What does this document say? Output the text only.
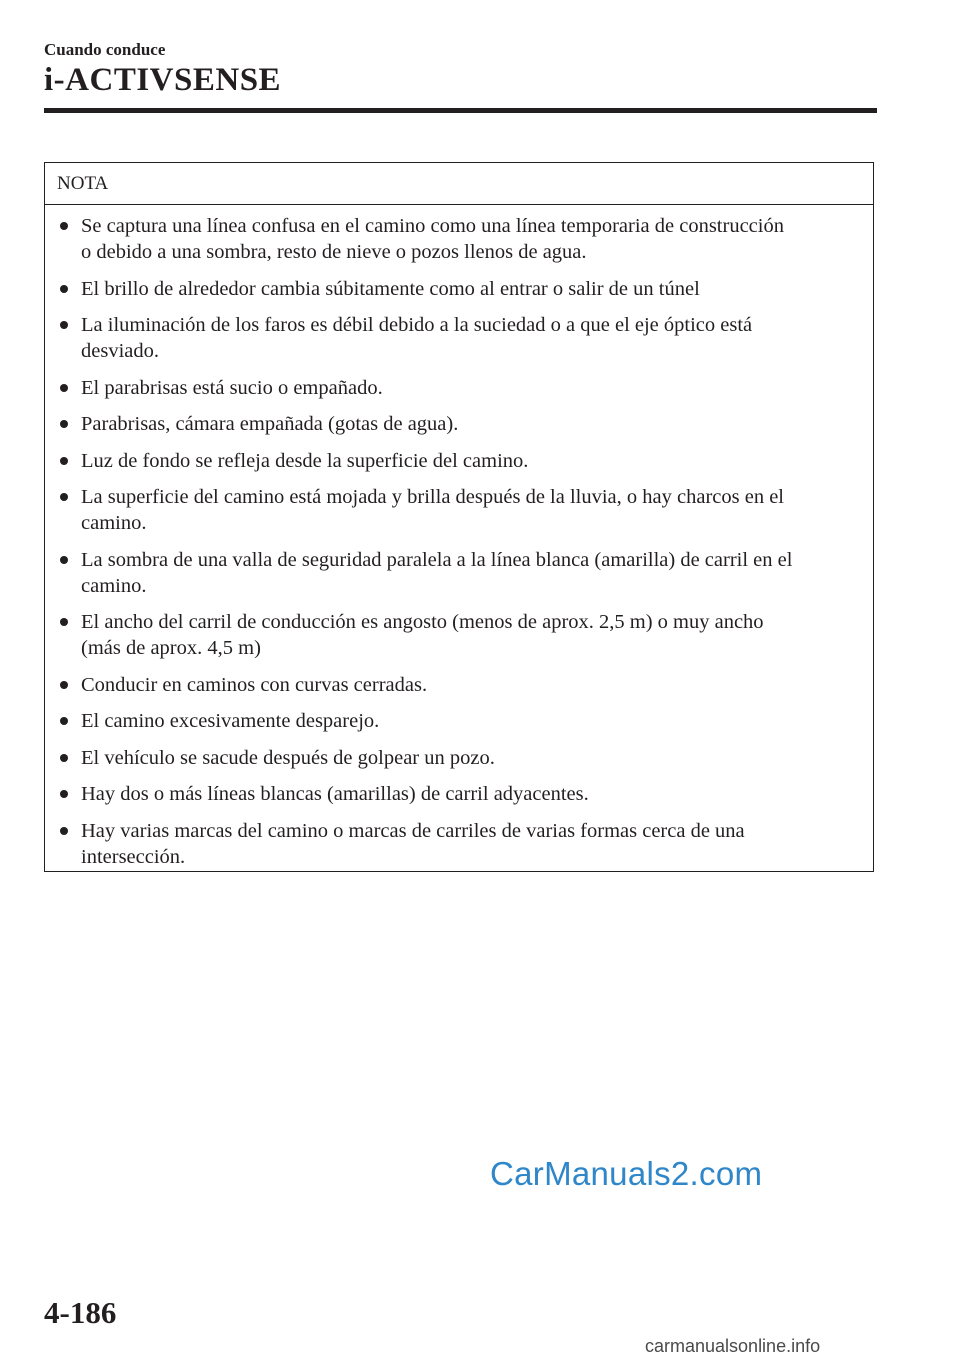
Cuando conduce
i-ACTIVSENSE
NOTA
Se captura una línea confusa en el camino como una línea temporaria de construcción
o debido a una sombra, resto de nieve o pozos llenos de agua.
El brillo de alrededor cambia súbitamente como al entrar o salir de un túnel
La iluminación de los faros es débil debido a la suciedad o a que el eje óptico está
desviado.
El parabrisas está sucio o empañado.
Parabrisas, cámara empañada (gotas de agua).
Luz de fondo se refleja desde la superficie del camino.
La superficie del camino está mojada y brilla después de la lluvia, o hay charcos en el
camino.
La sombra de una valla de seguridad paralela a la línea blanca (amarilla) de carril en el
camino.
El ancho del carril de conducción es angosto (menos de aprox. 2,5 m) o muy ancho
(más de aprox. 4,5 m)
Conducir en caminos con curvas cerradas.
El camino excesivamente desparejo.
El vehículo se sacude después de golpear un pozo.
Hay dos o más líneas blancas (amarillas) de carril adyacentes.
Hay varias marcas del camino o marcas de carriles de varias formas cerca de una
intersección.
CarManuals2.com
4-186
carmanualsonline.info
